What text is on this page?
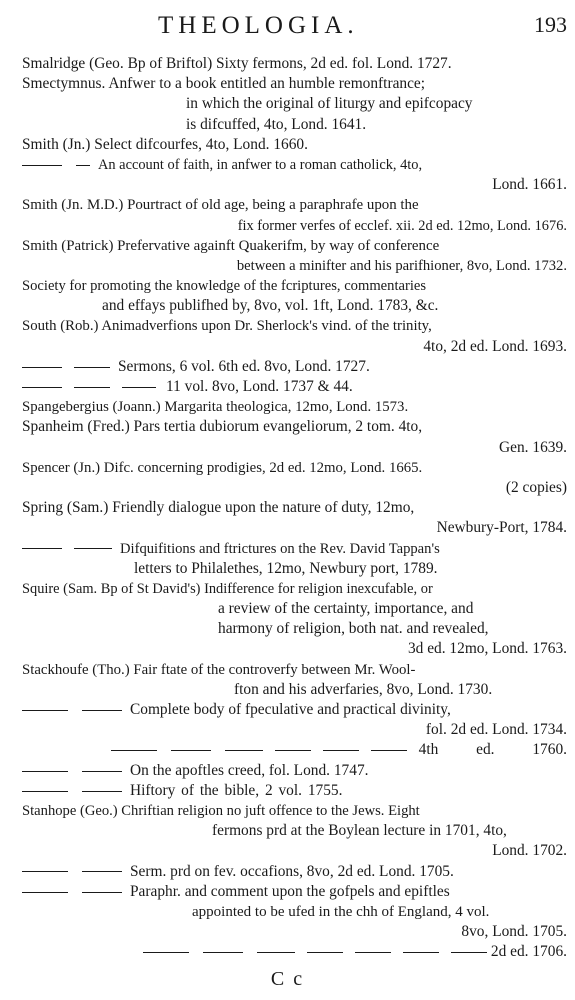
THEOLOGIA.	193
Smalridge (Geo. Bp of Briftol) Sixty fermons, 2d ed. fol. Lond. 1727.
Smectymnus. Anfwer to a book entitled an humble remonftrance;
in which the original of liturgy and epifcopacy
is difcuffed, 4to, Lond. 1641.
Smith (Jn.) Select difcourfes, 4to, Lond. 1660.
An account of faith, in anfwer to a roman catholick, 4to,
Lond. 1661.
Smith (Jn. M.D.) Pourtract of old age, being a paraphrafe upon the
fix former verfes of ecclef. xii. 2d ed. 12mo, Lond. 1676.
Smith (Patrick) Prefervative againft Quakerifm, by way of conference
between a minifter and his parifhioner, 8vo, Lond. 1732.
Society for promoting the knowledge of the fcriptures, commentaries
and effays publifhed by, 8vo, vol. 1ft, Lond. 1783, &c.
South (Rob.) Animadverfions upon Dr. Sherlock's vind. of the trinity,
4to, 2d ed. Lond. 1693.
Sermons, 6 vol. 6th ed. 8vo, Lond. 1727.
11 vol. 8vo, Lond. 1737 & 44.
Spangebergius (Joann.) Margarita theologica, 12mo, Lond. 1573.
Spanheim (Fred.) Pars tertia dubiorum evangeliorum, 2 tom. 4to,
Gen. 1639.
Spencer (Jn.) Difc. concerning prodigies, 2d ed. 12mo, Lond. 1665.
(2 copies)
Spring (Sam.) Friendly dialogue upon the nature of duty, 12mo,
Newbury-Port, 1784.
Difquifitions and ftrictures on the Rev. David Tappan's
letters to Philalethes, 12mo, Newbury port, 1789.
Squire (Sam. Bp of St David's) Indifference for religion inexcufable, or
a review of the certainty, importance, and
harmony of religion, both nat. and revealed,
3d ed. 12mo, Lond. 1763.
Stackhoufe (Tho.) Fair ftate of the controverfy between Mr. Wool-
fton and his adverfaries, 8vo, Lond. 1730.
Complete body of fpeculative and practical divinity,
fol. 2d ed. Lond. 1734.
4th ed. 1760.
On the apoftles creed, fol. Lond. 1747.
Hiftory of the bible, 2 vol. 1755.
Stanhope (Geo.) Chriftian religion no juft offence to the Jews. Eight
fermons prd at the Boylean lecture in 1701, 4to,
Lond. 1702.
Serm. prd on fev. occafions, 8vo, 2d ed. Lond. 1705.
Paraphr. and comment upon the gofpels and epiftles
appointed to be ufed in the chh of England, 4 vol.
8vo, Lond. 1705.
2d ed. 1706.
C c
